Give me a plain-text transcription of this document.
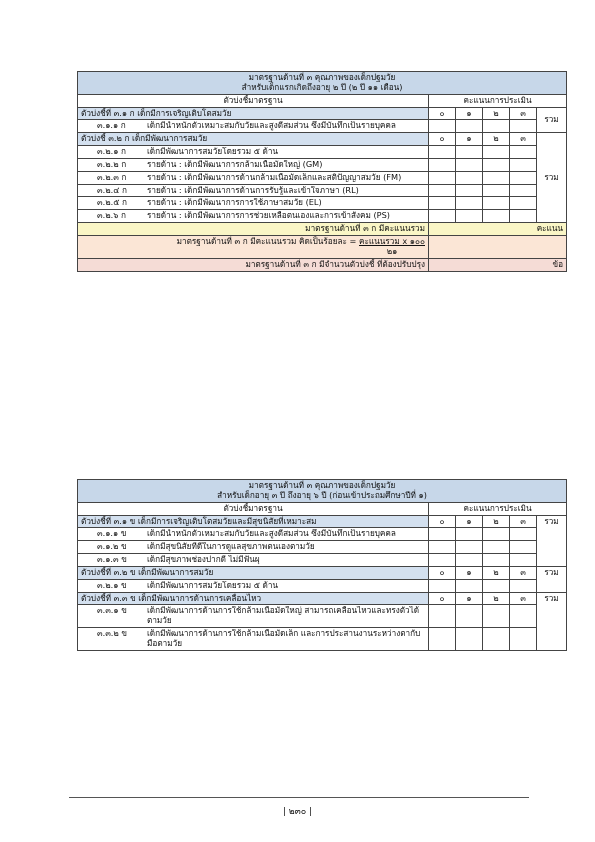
มาตรฐานด้านที่ ๓ คุณภาพของเด็กปฐมวัย
สำหรับเด็กแรกเกิดถึงอายุ ๒ ปี (๒ ปี ๑๑ เดือน)
ตัวบ่งชี้มาตรฐาน	คะแนนการประเมิน
ตัวบ่งชี้ที่ ๓.๑ ก เด็กมีการเจริญเติบโตสมวัย	๐	๑	๒	๓	รวม

๓.๑.๑ ก	เด็กมีน้ำหนักตัวเหมาะสมกับวัยและสูงดีสมส่วน ซึ่งมีบันทึกเป็นรายบุคคล

ตัวบ่งชี้ ๓.๒ ก เด็กมีพัฒนาการสมวัย	๐	๑	๒	๓	รวม

๓.๒.๑ ก	เด็กมีพัฒนาการสมวัยโดยรวม ๕ ด้าน

๓.๒.๒ ก	รายด้าน : เด็กมีพัฒนาการกล้ามเนื้อมัดใหญ่ (GM)

๓.๒.๓ ก	รายด้าน : เด็กมีพัฒนาการด้านกล้ามเนื้อมัดเล็กและสติปัญญาสมวัย (FM)

๓.๒.๔ ก	รายด้าน : เด็กมีพัฒนาการด้านการรับรู้และเข้าใจภาษา (RL)

๓.๒.๕ ก	รายด้าน : เด็กมีพัฒนาการการใช้ภาษาสมวัย (EL)

๓.๒.๖ ก	รายด้าน : เด็กมีพัฒนาการการช่วยเหลือตนเองและการเข้าสังคม (PS)

มาตรฐานด้านที่ ๓ ก มีคะแนนรวม	คะแนน
มาตรฐานด้านที่ ๓ ก มีคะแนนรวม คิดเป็นร้อยละ = $\frac{\text{คะแนนรวม x ๑๐๐}}{๒๑}$	
มาตรฐานด้านที่ ๓ ก มีจำนวนตัวบ่งชี้ ที่ต้องปรับปรุง	ข้อ
มาตรฐานด้านที่ ๓ คุณภาพของเด็กปฐมวัย
สำหรับเด็กอายุ ๓ ปี ถึงอายุ ๖ ปี (ก่อนเข้าประถมศึกษาปีที่ ๑)
ตัวบ่งชี้มาตรฐาน	คะแนนการประเมิน
ตัวบ่งชี้ที่ ๓.๑ ข เด็กมีการเจริญเติบโตสมวัยและมีสุขนิสัยที่เหมาะสม	๐	๑	๒	๓	รวม

๓.๑.๑ ข	เด็กมีน้ำหนักตัวเหมาะสมกับวัยและสูงดีสมส่วน ซึ่งมีบันทึกเป็นรายบุคคล

๓.๑.๒ ข	เด็กมีสุขนิสัยที่ดีในการดูแลสุขภาพตนเองตามวัย

๓.๑.๓ ข	เด็กมีสุขภาพช่องปากดี ไม่มีฟันผุ

ตัวบ่งชี้ที่ ๓.๒ ข เด็กมีพัฒนาการสมวัย	๐	๑	๒	๓	รวม

๓.๒.๑ ข	เด็กมีพัฒนาการสมวัยโดยรวม ๕ ด้าน

ตัวบ่งชี้ที่ ๓.๓ ข เด็กมีพัฒนาการด้านการเคลื่อนไหว	๐	๑	๒	๓	รวม

๓.๓.๑ ข	เด็กมีพัฒนาการด้านการใช้กล้ามเนื้อมัดใหญ่ สามารถเคลื่อนไหวและทรงตัวได้ตามวัย

๓.๓.๒ ข	เด็กมีพัฒนาการด้านการใช้กล้ามเนื้อมัดเล็ก และการประสานงานระหว่างตากับมือตามวัย

| ๒๓๐ |
